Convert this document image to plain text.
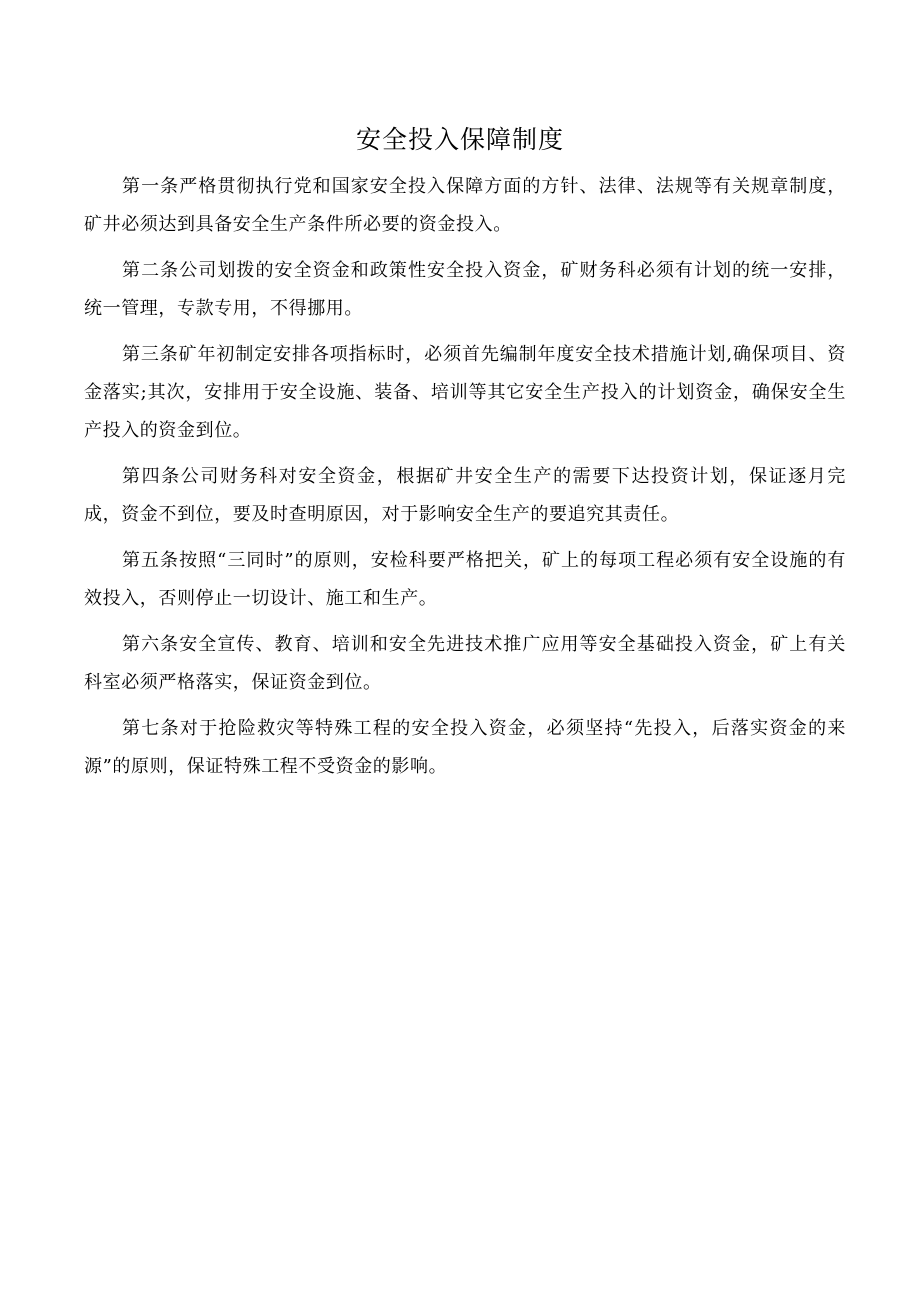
安全投入保障制度

第一条严格贯彻执行党和国家安全投入保障方面的方针、法律、法规等有关规章制度，矿井必须达到具备安全生产条件所必要的资金投入。

第二条公司划拨的安全资金和政策性安全投入资金，矿财务科必须有计划的统一安排，统一管理，专款专用，不得挪用。

第三条矿年初制定安排各项指标时，必须首先编制年度安全技术措施计划,确保项目、资金落实;其次，安排用于安全设施、装备、培训等其它安全生产投入的计划资金，确保安全生产投入的资金到位。

第四条公司财务科对安全资金，根据矿井安全生产的需要下达投资计划，保证逐月完成，资金不到位，要及时查明原因，对于影响安全生产的要追究其责任。

第五条按照“三同时”的原则，安检科要严格把关，矿上的每项工程必须有安全设施的有效投入，否则停止一切设计、施工和生产。

第六条安全宣传、教育、培训和安全先进技术推广应用等安全基础投入资金，矿上有关科室必须严格落实，保证资金到位。

第七条对于抢险救灾等特殊工程的安全投入资金，必须坚持“先投入，后落实资金的来源”的原则，保证特殊工程不受资金的影响。
